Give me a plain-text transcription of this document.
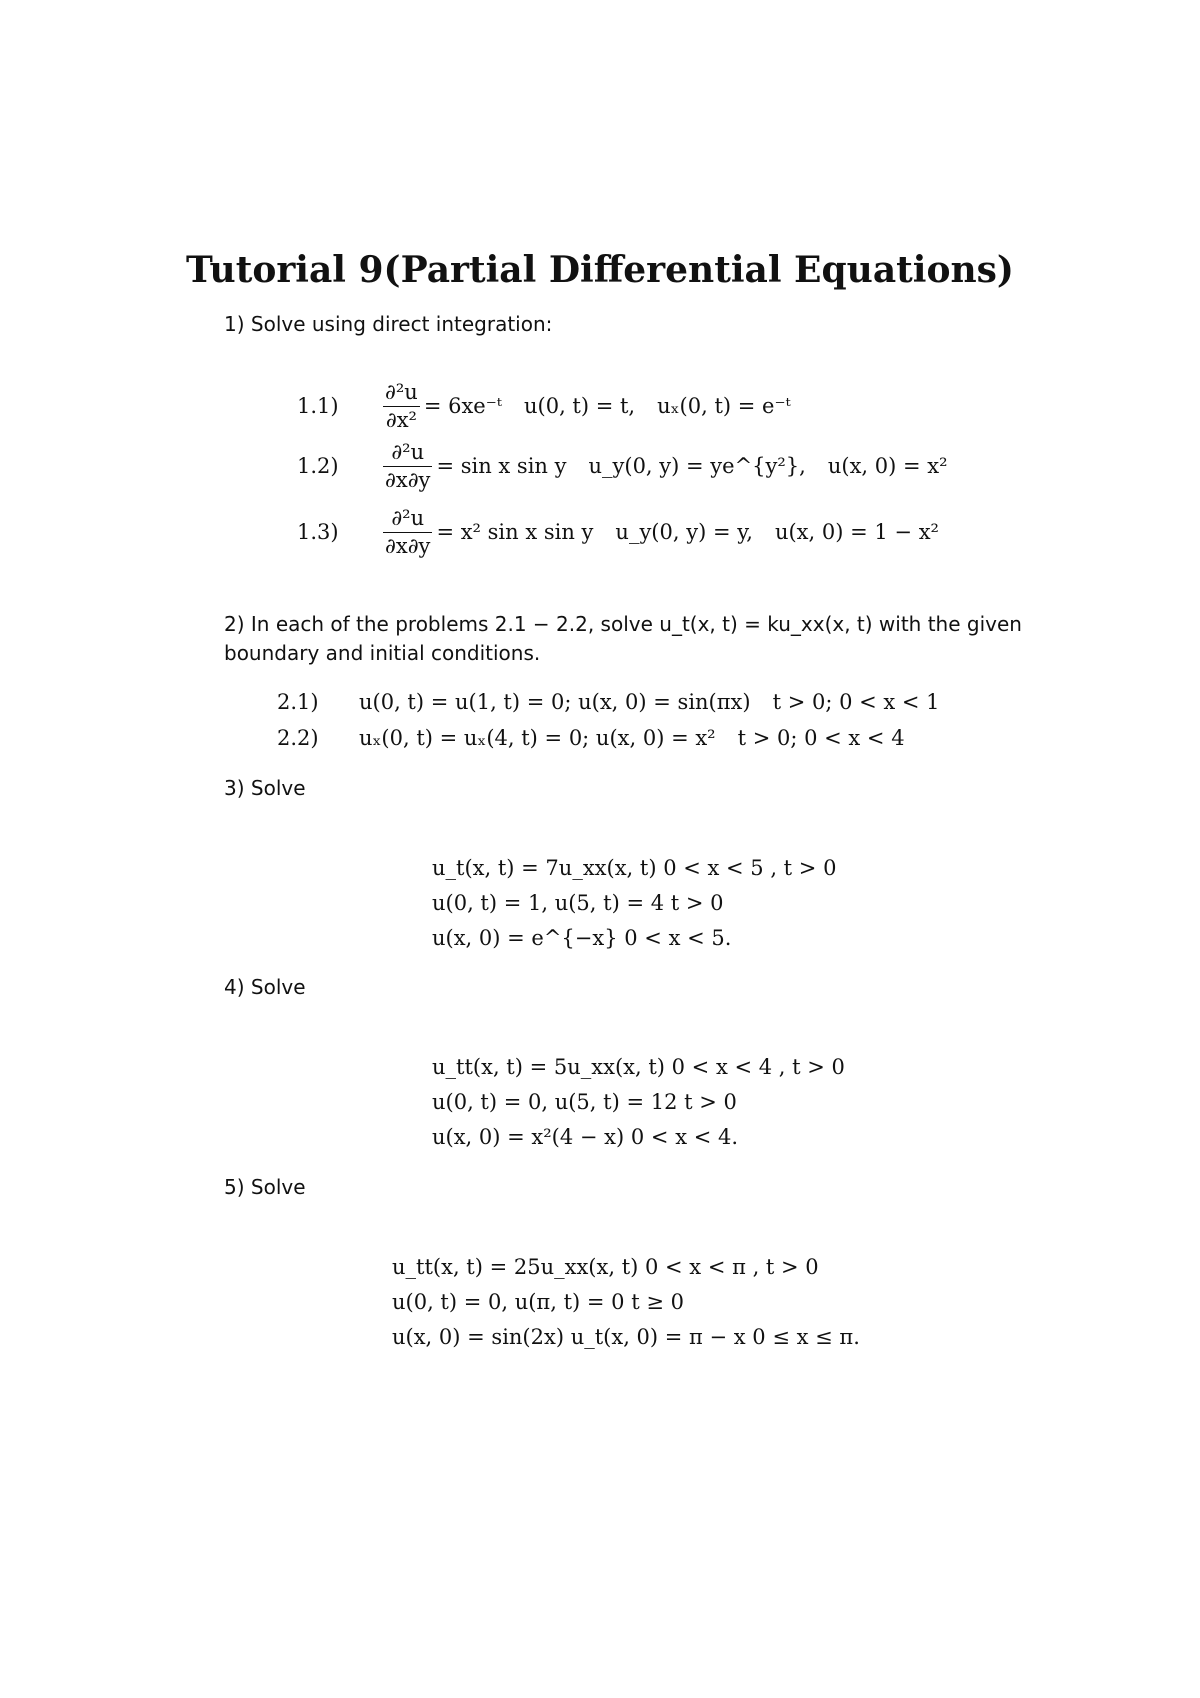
Tutorial 9(Partial Differential Equations)
1) Solve using direct integration:
1.1)	$\frac{\text{∂²u}}{\text{∂x²}}$ = 6xe⁻ᵗ u(0, t) = t, uₓ(0, t) = e⁻ᵗ
1.2)	$\frac{\text{∂²u}}{\partial x\partial y} = \sin x$ sin y u_y(0, y) = ye^{y²}, u(x, 0) = x²
1.3)	$\frac{\text{∂²u}}{\partial x\partial y} = x^2$ sin x sin y u_y(0, y) = y, u(x, 0) = 1 − x²
2) In each of the problems 2.1 − 2.2, solve u_t(x, t) = ku_xx(x, t) with the given
boundary and initial conditions.
2.1)	u(0, t) = u(1, t) = 0; u(x, 0) = sin(πx) t > 0; 0 < x < 1
2.2)	uₓ(0, t) = uₓ(4, t) = 0; u(x, 0) = x² t > 0; 0 < x < 4
3) Solve
u_t(x, t) = 7u_xx(x, t) 0 < x < 5 , t > 0
u(0, t) = 1, u(5, t) = 4 t > 0
u(x, 0) = e^{−x} 0 < x < 5.
4) Solve
u_tt(x, t) = 5u_xx(x, t) 0 < x < 4 , t > 0
u(0, t) = 0, u(5, t) = 12 t > 0
u(x, 0) = x²(4 − x) 0 < x < 4.
5) Solve
u_tt(x, t) = 25u_xx(x, t) 0 < x < π , t > 0
u(0, t) = 0, u(π, t) = 0 t ≥ 0
u(x, 0) = sin(2x) u_t(x, 0) = π − x 0 ≤ x ≤ π.
